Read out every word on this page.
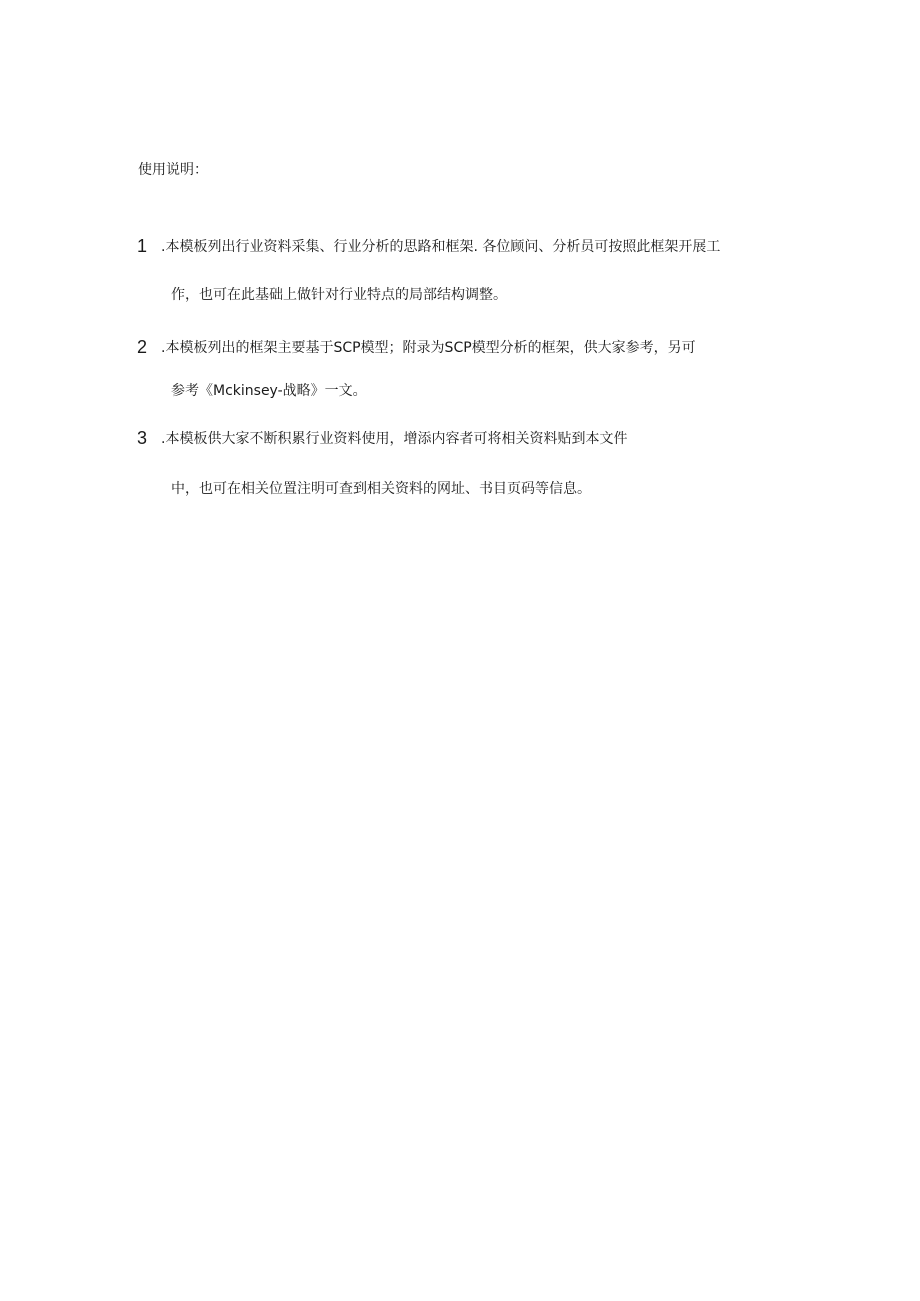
使用说明：
1 .本模板列出行业资料采集、行业分析的思路和框架. 各位顾问、分析员可按照此框架开展工
作，也可在此基础上做针对行业特点的局部结构调整。
2 .本模板列出的框架主要基于SCP模型；附录为SCP模型分析的框架，供大家参考，另可
参考《Mckinsey-战略》一文。
3 .本模板供大家不断积累行业资料使用，增添内容者可将相关资料贴到本文件
中，也可在相关位置注明可查到相关资料的网址、书目页码等信息。
